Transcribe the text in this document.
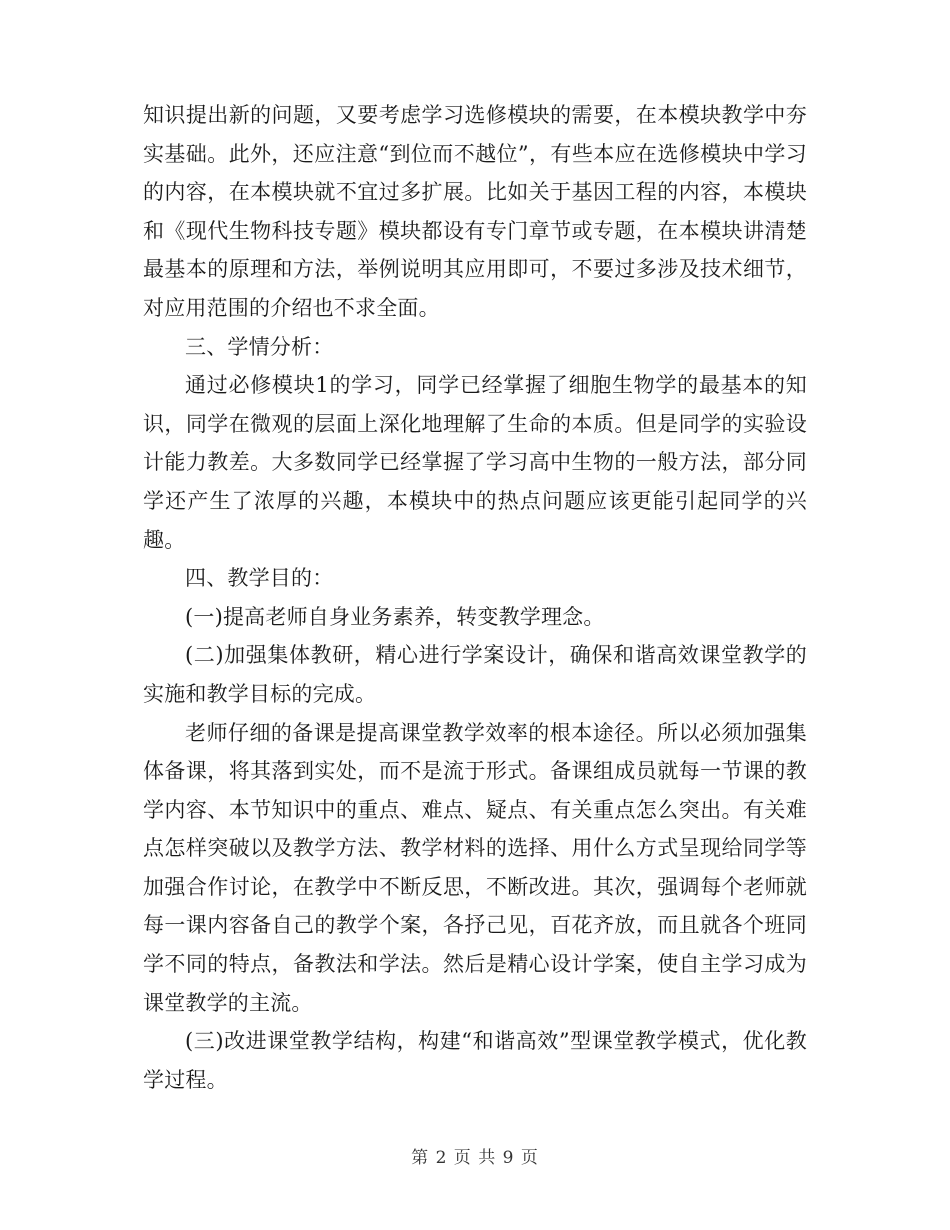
知识提出新的问题，又要考虑学习选修模块的需要，在本模块教学中夯实基础。此外，还应注意“到位而不越位”，有些本应在选修模块中学习的内容，在本模块就不宜过多扩展。比如关于基因工程的内容，本模块和《现代生物科技专题》模块都设有专门章节或专题，在本模块讲清楚最基本的原理和方法，举例说明其应用即可，不要过多涉及技术细节，对应用范围的介绍也不求全面。

三、学情分析：

通过必修模块1的学习，同学已经掌握了细胞生物学的最基本的知识，同学在微观的层面上深化地理解了生命的本质。但是同学的实验设计能力教差。大多数同学已经掌握了学习高中生物的一般方法，部分同学还产生了浓厚的兴趣，本模块中的热点问题应该更能引起同学的兴趣。

四、教学目的：

(一)提高老师自身业务素养，转变教学理念。

(二)加强集体教研，精心进行学案设计，确保和谐高效课堂教学的实施和教学目标的完成。

老师仔细的备课是提高课堂教学效率的根本途径。所以必须加强集体备课，将其落到实处，而不是流于形式。备课组成员就每一节课的教学内容、本节知识中的重点、难点、疑点、有关重点怎么突出。有关难点怎样突破以及教学方法、教学材料的选择、用什么方式呈现给同学等加强合作讨论，在教学中不断反思，不断改进。其次，强调每个老师就每一课内容备自己的教学个案，各抒己见，百花齐放，而且就各个班同学不同的特点，备教法和学法。然后是精心设计学案，使自主学习成为课堂教学的主流。

(三)改进课堂教学结构，构建“和谐高效”型课堂教学模式，优化教学过程。

第 2 页 共 9 页
